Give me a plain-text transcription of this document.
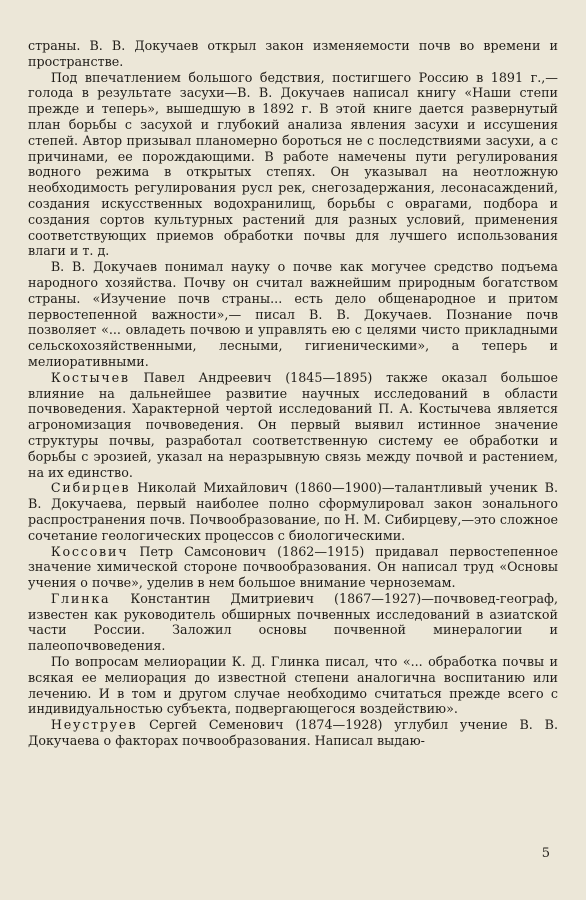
страны. В. В. Докучаев открыл закон изменяемости почв во времени и пространстве.

Под впечатлением большого бедствия, постигшего Россию в 1891 г.,—голода в результате засухи—В. В. Докучаев написал книгу «Наши степи прежде и теперь», вышедшую в 1892 г. В этой книге дается развернутый план борьбы с засухой и глубокий анализа явления засухи и иссушения степей. Автор призывал планомерно бороться не с последствиями засухи, а с причинами, ее порождающими. В работе намечены пути регулирования водного режима в открытых степях. Он указывал на неотложную необходимость регулирования русл рек, снегозадержания, лесонасаждений, создания искусственных водохранилищ, борьбы с оврагами, подбора и создания сортов культурных растений для разных условий, применения соответствующих приемов обработки почвы для лучшего использования влаги и т. д.

В. В. Докучаев понимал науку о почве как могучее средство подъема народного хозяйства. Почву он считал важнейшим природным богатством страны. «Изучение почв страны... есть дело общенародное и притом первостепенной важности»,— писал В. В. Докучаев. Познание почв позволяет «... овладеть почвою и управлять ею с целями чисто прикладными сельскохозяйственными, лесными, гигиеническими», а теперь и мелиоративными.

Костычев Павел Андреевич (1845—1895) также оказал большое влияние на дальнейшее развитие научных исследований в области почвоведения. Характерной чертой исследований П. А. Костычева является агрономизация почвоведения. Он первый выявил истинное значение структуры почвы, разработал соответственную систему ее обработки и борьбы с эрозией, указал на неразрывную связь между почвой и растением, на их единство.

Сибирцев Николай Михайлович (1860—1900)—талантливый ученик В. В. Докучаева, первый наиболее полно сформулировал закон зонального распространения почв. Почвообразование, по Н. М. Сибирцеву,—это сложное сочетание геологических процессов с биологическими.

Коссович Петр Самсонович (1862—1915) придавал первостепенное значение химической стороне почвообразования. Он написал труд «Основы учения о почве», уделив в нем большое внимание черноземам.

Глинка Константин Дмитриевич (1867—1927)—почвовед-географ, известен как руководитель обширных почвенных исследований в азиатской части России. Заложил основы почвенной минералогии и палеопочвоведения.

По вопросам мелиорации К. Д. Глинка писал, что «... обработка почвы и всякая ее мелиорация до известной степени аналогична воспитанию или лечению. И в том и другом случае необходимо считаться прежде всего с индивидуальностью субъекта, подвергающегося воздействию».

Неуструев Сергей Семенович (1874—1928) углубил учение В. В. Докучаева о факторах почвообразования. Написал выдаю-

5
